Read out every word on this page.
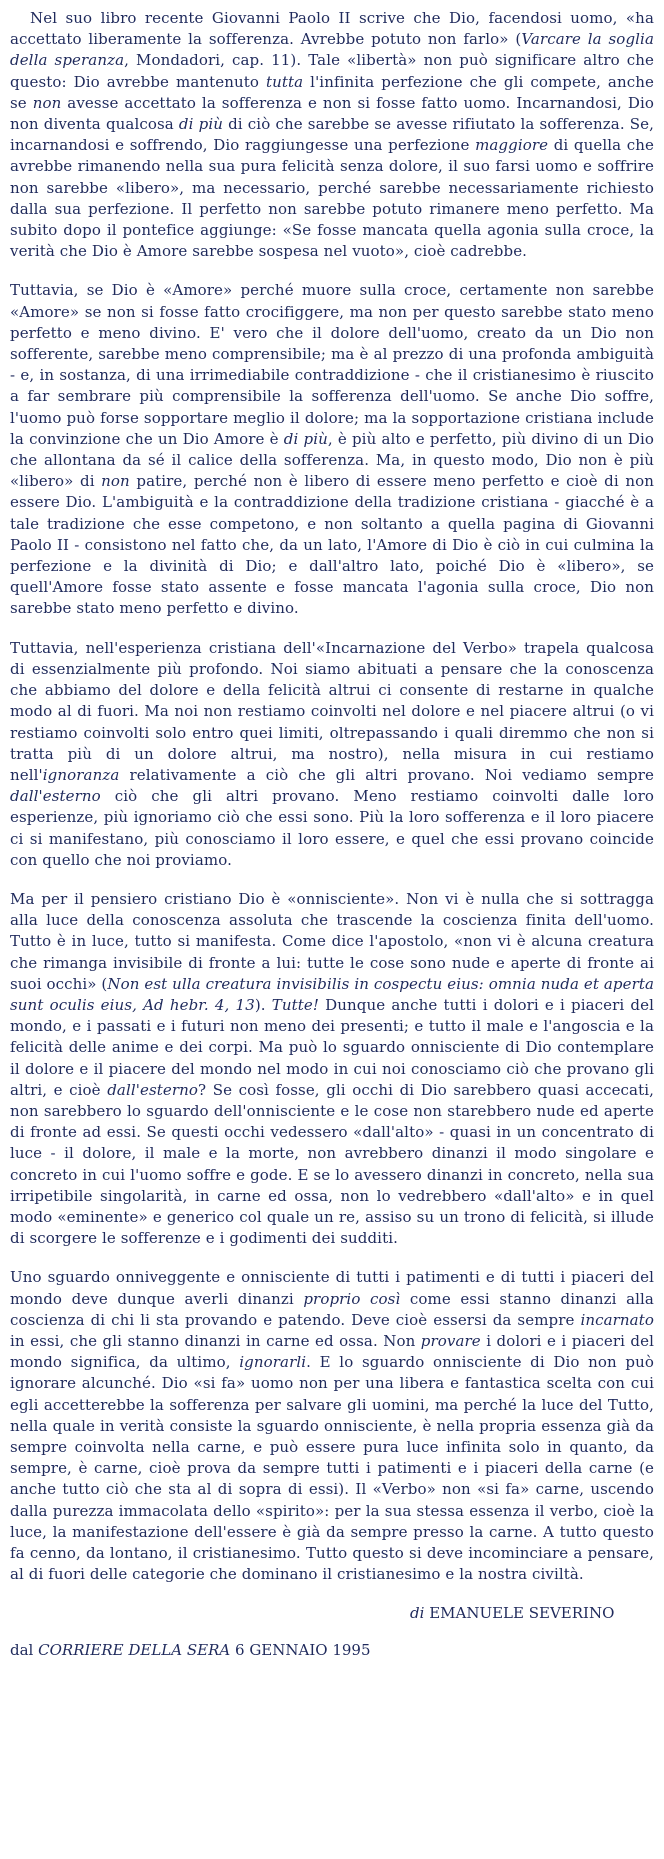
Nel suo libro recente Giovanni Paolo II scrive che Dio, facendosi uomo, «ha accettato liberamente la sofferenza. Avrebbe potuto non farlo» (Varcare la soglia della speranza, Mondadori, cap. 11). Tale «libertà» non può significare altro che questo: Dio avrebbe mantenuto tutta l'infinita perfezione che gli compete, anche se non avesse accettato la sofferenza e non si fosse fatto uomo. Incarnandosi, Dio non diventa qualcosa di più di ciò che sarebbe se avesse rifiutato la sofferenza. Se, incarnandosi e soffrendo, Dio raggiungesse una perfezione maggiore di quella che avrebbe rimanendo nella sua pura felicità senza dolore, il suo farsi uomo e soffrire non sarebbe «libero», ma necessario, perché sarebbe necessariamente richiesto dalla sua perfezione. Il perfetto non sarebbe potuto rimanere meno perfetto. Ma subito dopo il pontefice aggiunge: «Se fosse mancata quella agonia sulla croce, la verità che Dio è Amore sarebbe sospesa nel vuoto», cioè cadrebbe.

Tuttavia, se Dio è «Amore» perché muore sulla croce, certamente non sarebbe «Amore» se non si fosse fatto crocifiggere, ma non per questo sarebbe stato meno perfetto e meno divino. E' vero che il dolore dell'uomo, creato da un Dio non sofferente, sarebbe meno comprensibile; ma è al prezzo di una profonda ambiguità - e, in sostanza, di una irrimediabile contraddizione - che il cristianesimo è riuscito a far sembrare più comprensibile la sofferenza dell'uomo. Se anche Dio soffre, l'uomo può forse sopportare meglio il dolore; ma la sopportazione cristiana include la convinzione che un Dio Amore è di più, è più alto e perfetto, più divino di un Dio che allontana da sé il calice della sofferenza. Ma, in questo modo, Dio non è più «libero» di non patire, perché non è libero di essere meno perfetto e cioè di non essere Dio. L'ambiguità e la contraddizione della tradizione cristiana - giacché è a tale tradizione che esse competono, e non soltanto a quella pagina di Giovanni Paolo II - consistono nel fatto che, da un lato, l'Amore di Dio è ciò in cui culmina la perfezione e la divinità di Dio; e dall'altro lato, poiché Dio è «libero», se quell'Amore fosse stato assente e fosse mancata l'agonia sulla croce, Dio non sarebbe stato meno perfetto e divino.

Tuttavia, nell'esperienza cristiana dell'«Incarnazione del Verbo» trapela qualcosa di essenzialmente più profondo. Noi siamo abituati a pensare che la conoscenza che abbiamo del dolore e della felicità altrui ci consente di restarne in qualche modo al di fuori. Ma noi non restiamo coinvolti nel dolore e nel piacere altrui (o vi restiamo coinvolti solo entro quei limiti, oltrepassando i quali diremmo che non si tratta più di un dolore altrui, ma nostro), nella misura in cui restiamo nell'ignoranza relativamente a ciò che gli altri provano. Noi vediamo sempre dall'esterno ciò che gli altri provano. Meno restiamo coinvolti dalle loro esperienze, più ignoriamo ciò che essi sono. Più la loro sofferenza e il loro piacere ci si manifestano, più conosciamo il loro essere, e quel che essi provano coincide con quello che noi proviamo.

Ma per il pensiero cristiano Dio è «onnisciente». Non vi è nulla che si sottragga alla luce della conoscenza assoluta che trascende la coscienza finita dell'uomo. Tutto è in luce, tutto si manifesta. Come dice l'apostolo, «non vi è alcuna creatura che rimanga invisibile di fronte a lui: tutte le cose sono nude e aperte di fronte ai suoi occhi» (Non est ulla creatura invisibilis in cospectu eius: omnia nuda et aperta sunt oculis eius, Ad hebr. 4, 13). Tutte! Dunque anche tutti i dolori e i piaceri del mondo, e i passati e i futuri non meno dei presenti; e tutto il male e l'angoscia e la felicità delle anime e dei corpi. Ma può lo sguardo onnisciente di Dio contemplare il dolore e il piacere del mondo nel modo in cui noi conosciamo ciò che provano gli altri, e cioè dall'esterno? Se così fosse, gli occhi di Dio sarebbero quasi accecati, non sarebbero lo sguardo dell'onnisciente e le cose non starebbero nude ed aperte di fronte ad essi. Se questi occhi vedessero «dall'alto» - quasi in un concentrato di luce - il dolore, il male e la morte, non avrebbero dinanzi il modo singolare e concreto in cui l'uomo soffre e gode. E se lo avessero dinanzi in concreto, nella sua irripetibile singolarità, in carne ed ossa, non lo vedrebbero «dall'alto» e in quel modo «eminente» e generico col quale un re, assiso su un trono di felicità, si illude di scorgere le sofferenze e i godimenti dei sudditi.

Uno sguardo onniveggente e onnisciente di tutti i patimenti e di tutti i piaceri del mondo deve dunque averli dinanzi proprio così come essi stanno dinanzi alla coscienza di chi li sta provando e patendo. Deve cioè essersi da sempre incarnato in essi, che gli stanno dinanzi in carne ed ossa. Non provare i dolori e i piaceri del mondo significa, da ultimo, ignorarli. E lo sguardo onnisciente di Dio non può ignorare alcunché. Dio «si fa» uomo non per una libera e fantastica scelta con cui egli accetterebbe la sofferenza per salvare gli uomini, ma perché la luce del Tutto, nella quale in verità consiste la sguardo onnisciente, è nella propria essenza già da sempre coinvolta nella carne, e può essere pura luce infinita solo in quanto, da sempre, è carne, cioè prova da sempre tutti i patimenti e i piaceri della carne (e anche tutto ciò che sta al di sopra di essi). Il «Verbo» non «si fa» carne, uscendo dalla purezza immacolata dello «spirito»: per la sua stessa essenza il verbo, cioè la luce, la manifestazione dell'essere è già da sempre presso la carne. A tutto questo fa cenno, da lontano, il cristianesimo. Tutto questo si deve incominciare a pensare, al di fuori delle categorie che dominano il cristianesimo e la nostra civiltà.

di EMANUELE SEVERINO
dal CORRIERE DELLA SERA 6 GENNAIO 1995
